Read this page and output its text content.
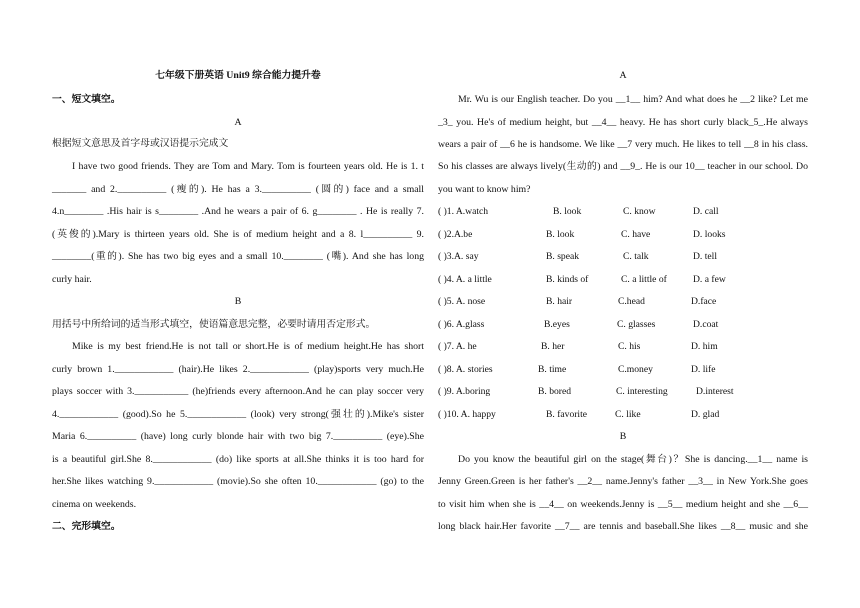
七年级下册英语 Unit9 综合能力提升卷
一、短文填空。
A
根据短文意思及首字母或汉语提示完成文
I have two good friends. They are Tom and Mary. Tom is fourteen years old. He is 1. t
_______ and 2.__________ (瘦的). He has a 3.__________ (圆的) face and a small
4.n________ .His hair is s________ .And he wears a pair of 6. g________ . He is really 7.
(英俊的).Mary is thirteen years old. She is of medium height and a 8. l__________ 9.
________(重的). She has two big eyes and a small 10.________ (嘴). And she has long
curly hair.
B
用括号中所给词的适当形式填空，使语篇意思完整，必要时请用否定形式。
Mike is my best friend.He is not tall or short.He is of medium height.He has short
curly brown 1.____________ (hair).He likes 2.____________ (play)sports very much.He
plays soccer with 3.___________ (he)friends every afternoon.And he can play soccer very
4.____________ (good).So he 5.____________ (look) very strong(强壮的).Mike's sister
Maria 6.__________ (have) long curly blonde hair with two big 7.__________ (eye).She
is a beautiful girl.She 8.____________ (do) like sports at all.She thinks it is too hard for
her.She likes watching 9.____________ (movie).So she often 10.____________ (go) to the
cinema on weekends.
二、完形填空。
A
Mr. Wu is our English teacher. Do you __1__ him? And what does he __2 like? Let me
_3_ you. He's of medium height, but __4__ heavy. He has short curly black_5_.He always
wears a pair of __6 he is handsome. We like __7 very much. He likes to tell __8 in his class.
So his classes are always lively(生动的) and __9_. He is our 10__ teacher in our school. Do
you want to know him?
( )1. A.watch	B. look	C. know	D. call
( )2.A.be	B. look	C. have	D. looks
( )3.A. say	B. speak	C. talk	D. tell
( )4. A. a little	B. kinds of	C. a little of	D. a few
( )5. A. nose	B. hair	C.head	D.face
( )6. A.glass	B.eyes	C. glasses	D.coat
( )7. A. he	B. her	C. his	D. him
( )8. A. stories	B. time	C.money	D. life
( )9. A.boring	B. bored	C. interesting	D.interest
( )10. A. happy	B. favorite	C. like	D. glad
B
Do you know the beautiful girl on the stage(舞台)？She is dancing.__1__ name is
Jenny Green.Green is her father's __2__ name.Jenny's father __3__ in New York.She goes
to visit him when she is __4__ on weekends.Jenny is __5__ medium height and she __6__
long black hair.Her favorite __7__ are tennis and baseball.She likes __8__ music and she
